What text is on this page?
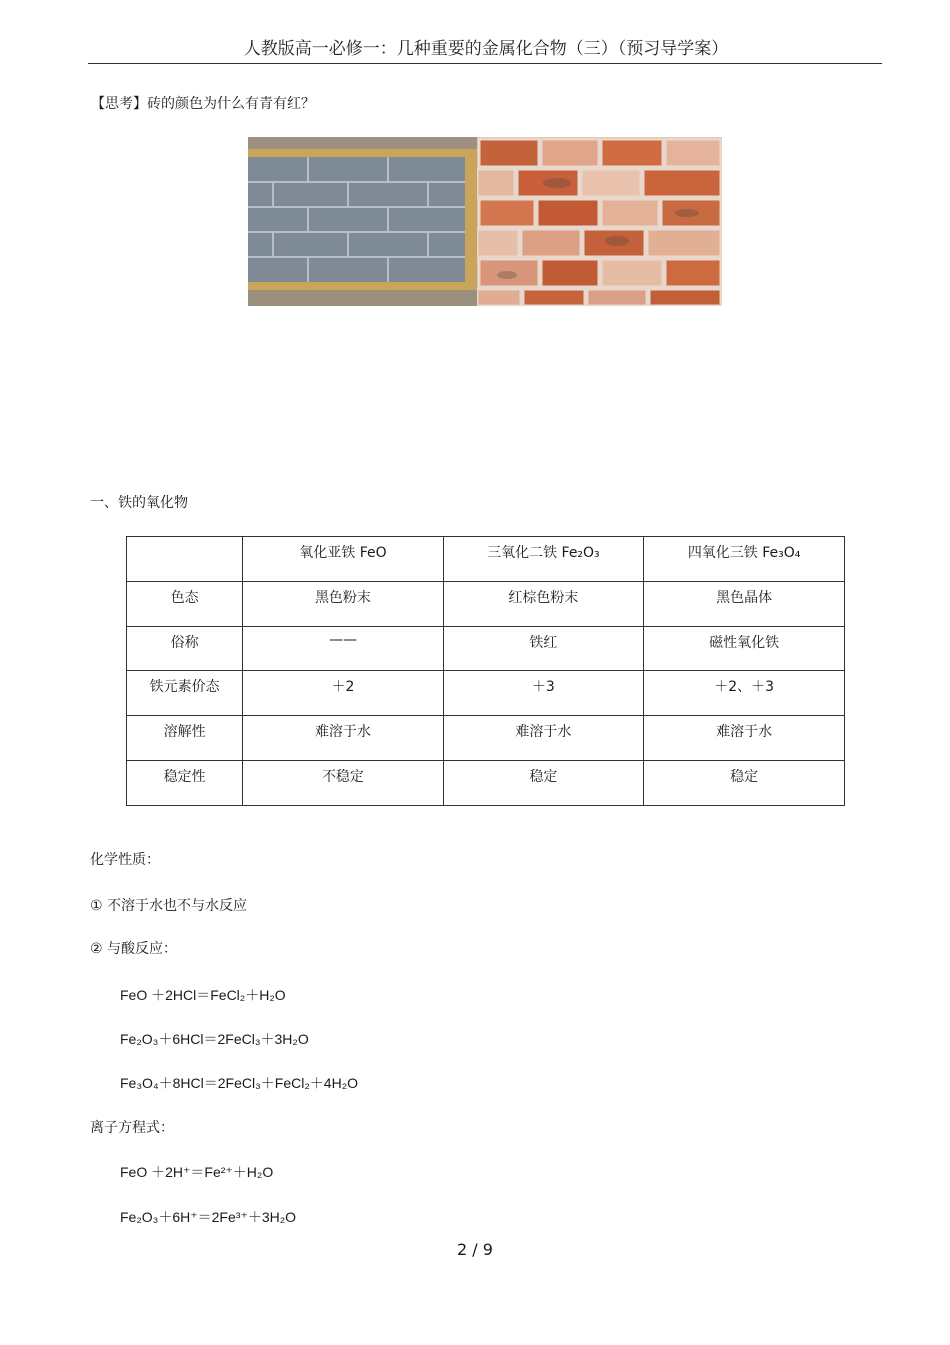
人教版高一必修一：几种重要的金属化合物（三）（预习导学案）
【思考】砖的颜色为什么有青有红？
一、铁的氧化物
	氧化亚铁 FeO	三氧化二铁 Fe₂O₃	四氧化三铁 Fe₃O₄
色态	黑色粉末	红棕色粉末	黑色晶体
俗称	——	铁红	磁性氧化铁
铁元素价态	＋2	＋3	＋2、＋3
溶解性	难溶于水	难溶于水	难溶于水
稳定性	不稳定	稳定	稳定
化学性质：
① 不溶于水也不与水反应
② 与酸反应：
FeO ＋2HCl＝FeCl₂＋H₂O
Fe₂O₃＋6HCl＝2FeCl₃＋3H₂O
Fe₃O₄＋8HCl＝2FeCl₃＋FeCl₂＋4H₂O
离子方程式：
FeO ＋2H⁺＝Fe²⁺＋H₂O
Fe₂O₃＋6H⁺＝2Fe³⁺＋3H₂O
2 / 9
